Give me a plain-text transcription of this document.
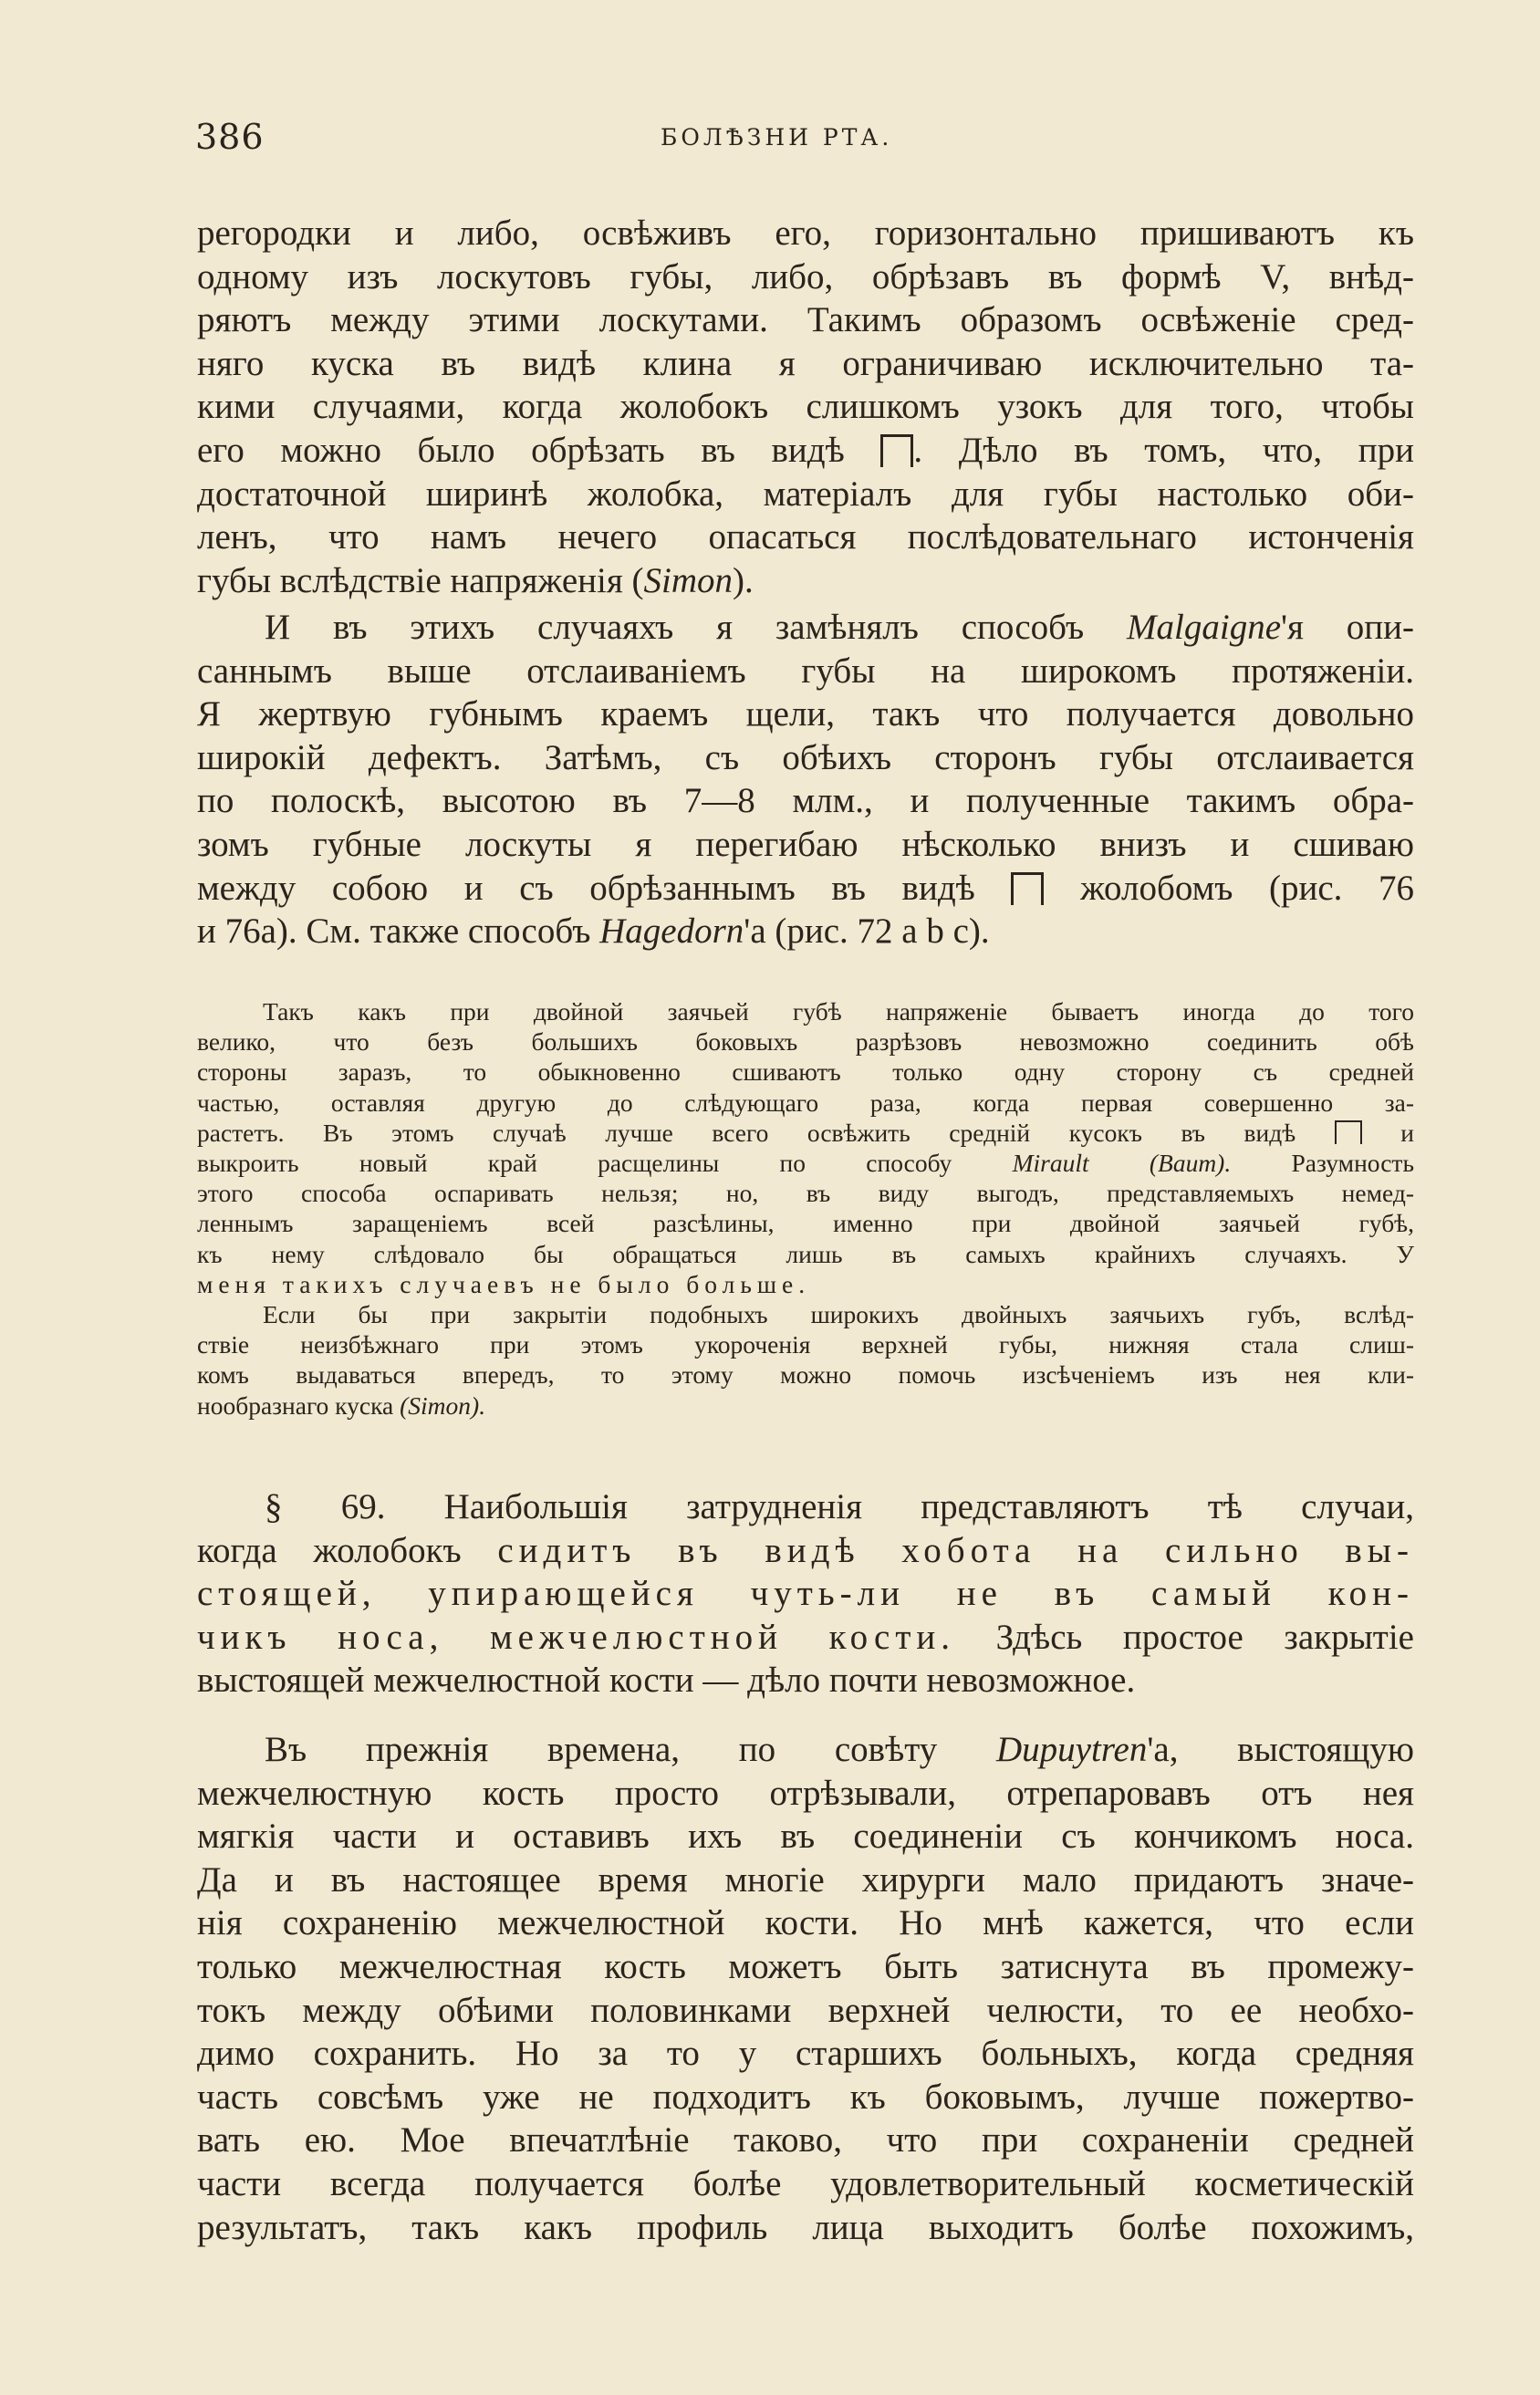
386	БОЛѢЗНИ РТА.

регородки и либо, освѣживъ его, горизонтально пришиваютъ къ

одному изъ лоскутовъ губы, либо, обрѣзавъ въ формѣ V, внѣд-

ряютъ между этими лоскутами. Такимъ образомъ освѣженіе сред-

няго куска въ видѣ клина я ограничиваю исключительно та-

кими случаями, когда жолобокъ слишкомъ узокъ для того, чтобы

его можно было обрѣзать въ видѣ . Дѣло въ томъ, что, при

достаточной ширинѣ жолобка, матеріалъ для губы настолько оби-

ленъ, что намъ нечего опасаться послѣдовательнаго истонченія

губы вслѣдствіе напряженія (Simon).

И въ этихъ случаяхъ я замѣнялъ способъ Malgaigne'я опи-

саннымъ выше отслаиваніемъ губы на широкомъ протяженіи.

Я жертвую губнымъ краемъ щели, такъ что получается довольно

широкій дефектъ. Затѣмъ, съ обѣихъ сторонъ губы отслаивается

по полоскѣ, высотою въ 7—8 млм., и полученные такимъ обра-

зомъ губные лоскуты я перегибаю нѣсколько внизъ и сшиваю

между собою и съ обрѣзаннымъ въ видѣ	жолобомъ (рис. 76

и 76а). См. также способъ Hagedorn'а (рис. 72 а b с).

Такъ какъ при двойной заячьей губѣ напряженіе бываетъ иногда до того

велико, что безъ большихъ боковыхъ разрѣзовъ невозможно соединить обѣ

стороны заразъ, то обыкновенно сшиваютъ только одну сторону съ средней

частью, оставляя другую до слѣдующаго раза, когда первая совершенно за-

растетъ. Въ этомъ случаѣ лучше всего освѣжить средній кусокъ въ видѣ	и

выкроить новый край расщелины по способу Mirault (Baum). Разумность

этого способа оспаривать нельзя; но, въ виду выгодъ, представляемыхъ немед-

леннымъ заращеніемъ всей разсѣлины, именно при двойной заячьей губѣ,

къ нему слѣдовало бы обращаться лишь въ самыхъ крайнихъ случаяхъ. У

меня такихъ случаевъ не было больше.

Если бы при закрытіи подобныхъ широкихъ двойныхъ заячьихъ губъ, вслѣд-

ствіе неизбѣжнаго при этомъ укороченія верхней губы, нижняя стала слиш-

комъ выдаваться впередъ, то этому можно помочь изсѣченіемъ изъ нея кли-

нообразнаго куска (Simon).

§ 69. Наибольшія затрудненія представляютъ тѣ случаи,

когда жолобокъ сидитъ въ видѣ хобота на сильно вы-

стоящей, упирающейся чуть-ли не въ самый кон-

чикъ носа, межчелюстной кости. Здѣсь простое закрытіе

выстоящей межчелюстной кости — дѣло почти невозможное.

Въ прежнія времена, по совѣту Dupuytren'а, выстоящую

межчелюстную кость просто отрѣзывали, отрепаровавъ отъ нея

мягкія части и оставивъ ихъ въ соединеніи съ кончикомъ носа.

Да и въ настоящее время многіе хирурги мало придаютъ значе-

нія сохраненію межчелюстной кости. Но мнѣ кажется, что если

только межчелюстная кость можетъ быть затиснута въ промежу-

токъ между обѣими половинками верхней челюсти, то ее необхо-

димо сохранить. Но за то у старшихъ больныхъ, когда средняя

часть совсѣмъ уже не подходитъ къ боковымъ, лучше пожертво-

вать ею. Мое впечатлѣніе таково, что при сохраненіи средней

части всегда получается болѣе удовлетворительный косметическій

результатъ, такъ какъ профиль лица выходитъ болѣе похожимъ,
